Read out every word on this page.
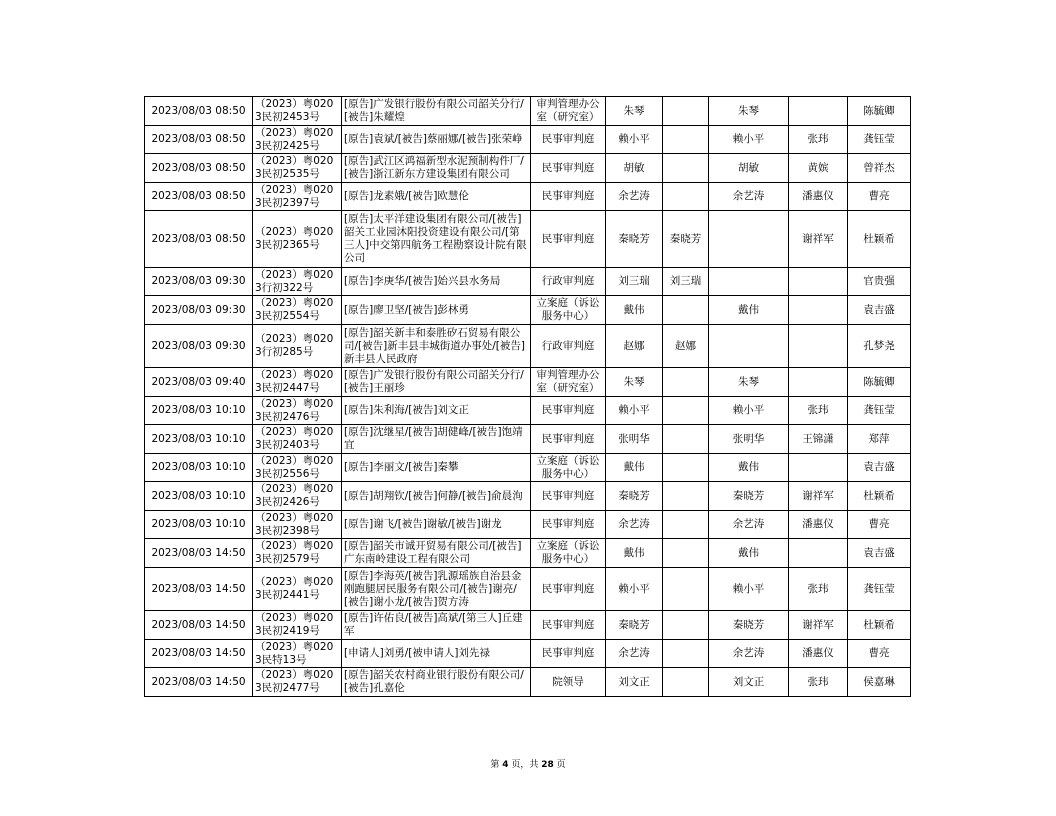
2023/08/03 08:50	（2023）粤0203民初2453号	[原告]广发银行股份有限公司韶关分行/[被告]朱耀煌	审判管理办公室（研究室）	朱琴		朱琴		陈毓卿
2023/08/03 08:50	（2023）粤0203民初2425号	[原告]袁斌/[被告]蔡丽娜/[被告]张荣峥	民事审判庭	赖小平		赖小平	张玮	龚钰莹
2023/08/03 08:50	（2023）粤0203民初2535号	[原告]武江区鸿福新型水泥预制构件厂/[被告]浙江新东方建设集团有限公司	民事审判庭	胡敏		胡敏	黄嫔	曾祥杰
2023/08/03 08:50	（2023）粤0203民初2397号	[原告]龙素娥/[被告]欧慧伦	民事审判庭	余艺涛		余艺涛	潘惠仪	曹亮
2023/08/03 08:50	（2023）粤0203民初2365号	[原告]太平洋建设集团有限公司/[被告]韶关工业园沐阳投资建设有限公司/[第三人]中交第四航务工程勘察设计院有限公司	民事审判庭	秦晓芳	秦晓芳		谢祥军	杜颖希
2023/08/03 09:30	（2023）粤0203行初322号	[原告]李庚华/[被告]始兴县水务局	行政审判庭	刘三瑞	刘三瑞			官贵强
2023/08/03 09:30	（2023）粤0203民初2554号	[原告]廖卫坚/[被告]彭林勇	立案庭（诉讼服务中心）	戴伟		戴伟		袁吉盛
2023/08/03 09:30	（2023）粤0203行初285号	[原告]韶关新丰和泰胜矽石贸易有限公司/[被告]新丰县丰城街道办事处/[被告]新丰县人民政府	行政审判庭	赵娜	赵娜			孔梦尧
2023/08/03 09:40	（2023）粤0203民初2447号	[原告]广发银行股份有限公司韶关分行/[被告]王丽珍	审判管理办公室（研究室）	朱琴		朱琴		陈毓卿
2023/08/03 10:10	（2023）粤0203民初2476号	[原告]朱利海/[被告]刘文正	民事审判庭	赖小平		赖小平	张玮	龚钰莹
2023/08/03 10:10	（2023）粤0203民初2403号	[原告]沈继星/[被告]胡健峰/[被告]饱靖宜	民事审判庭	张明华		张明华	王锦潇	郑萍
2023/08/03 10:10	（2023）粤0203民初2556号	[原告]李丽文/[被告]秦攀	立案庭（诉讼服务中心）	戴伟		戴伟		袁吉盛
2023/08/03 10:10	（2023）粤0203民初2426号	[原告]胡翔钦/[被告]何静/[被告]俞晨洵	民事审判庭	秦晓芳		秦晓芳	谢祥军	杜颖希
2023/08/03 10:10	（2023）粤0203民初2398号	[原告]谢飞/[被告]谢敏/[被告]谢龙	民事审判庭	余艺涛		余艺涛	潘惠仪	曹亮
2023/08/03 14:50	（2023）粤0203民初2579号	[原告]韶关市诚开贸易有限公司/[被告]广东南岭建设工程有限公司	立案庭（诉讼服务中心）	戴伟		戴伟		袁吉盛
2023/08/03 14:50	（2023）粤0203民初2441号	[原告]李海英/[被告]乳源瑶族自治县金刚跑腿居民服务有限公司/[被告]谢亮/[被告]谢小龙/[被告]贺方涛	民事审判庭	赖小平		赖小平	张玮	龚钰莹
2023/08/03 14:50	（2023）粤0203民初2419号	[原告]许佑良/[被告]高斌/[第三人]丘建军	民事审判庭	秦晓芳		秦晓芳	谢祥军	杜颖希
2023/08/03 14:50	（2023）粤0203民特13号	[申请人]刘勇/[被申请人]刘先禄	民事审判庭	余艺涛		余艺涛	潘惠仪	曹亮
2023/08/03 14:50	（2023）粤0203民初2477号	[原告]韶关农村商业银行股份有限公司/[被告]孔嘉伦	院领导	刘文正		刘文正	张玮	侯嘉琳
第 4 页，共 28 页
